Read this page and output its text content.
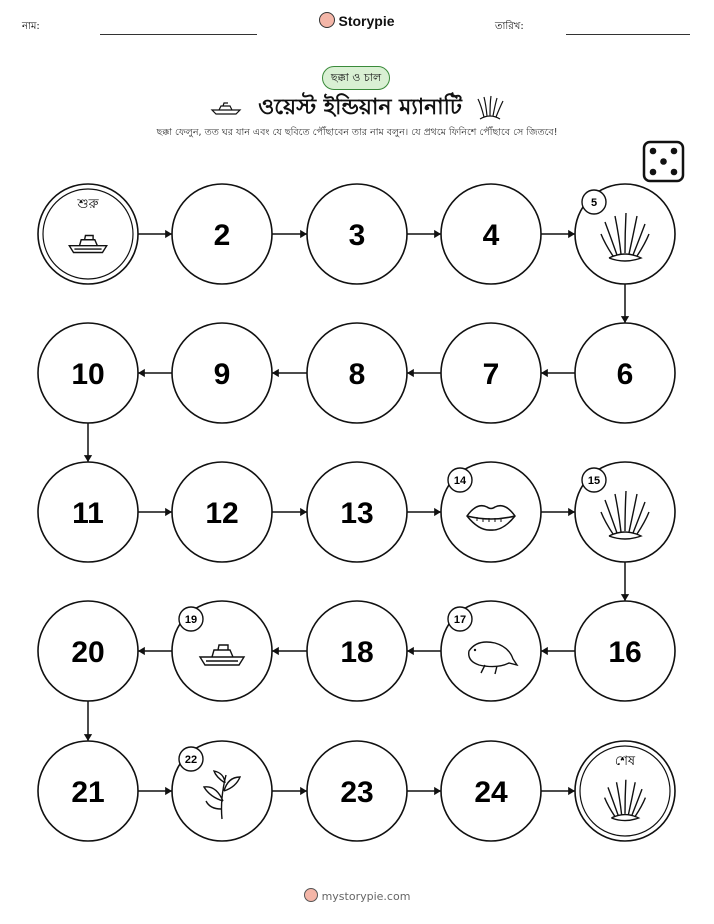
নাম:	Storypie	তারিখ:
ছক্কা ও চাল
ওয়েস্ট ইন্ডিয়ান ম্যানাটি
ছক্কা ফেলুন, তত ঘর যান এবং যে ছবিতে পৌঁছাবেন তার নাম বলুন। যে প্রথমে ফিনিশে পৌঁছাবে সে জিতবে!
শুরু
2	3	4
5
6
7
8
9
10
11	12	13
14	15
16
17
18
19
20
21
22
23	24
শেষ
mystorypie.com
